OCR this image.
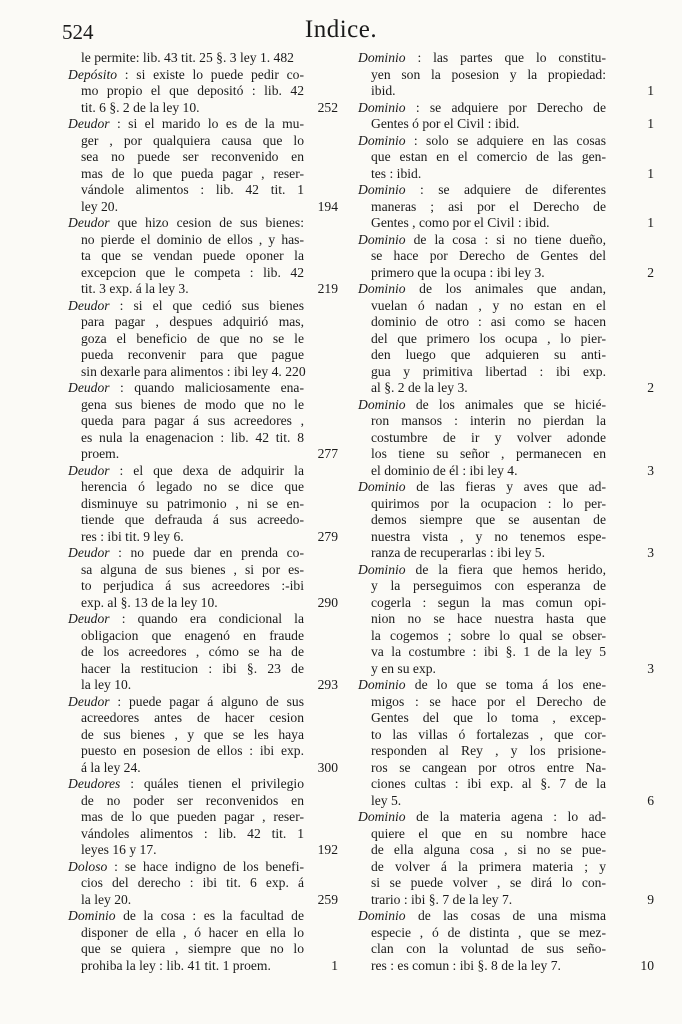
524	Indice.
le permite: lib. 43 tit. 25 §. 3 ley 1. 482
Depósito : si existe lo puede pedir co-
mo propio el que depositó : lib. 42
tit. 6 §. 2 de la ley 10.	252
Deudor : si el marido lo es de la mu-
ger , por qualquiera causa que lo
sea no puede ser reconvenido en
mas de lo que pueda pagar , reser-
vándole alimentos : lib. 42 tit. 1
ley 20.	194
Deudor que hizo cesion de sus bienes:
no pierde el dominio de ellos , y has-
ta que se vendan puede oponer la
excepcion que le competa : lib. 42
tit. 3 exp. á la ley 3.	219
Deudor : si el que cedió sus bienes
para pagar , despues adquirió mas,
goza el beneficio de que no se le
pueda reconvenir para que pague
sin dexarle para alimentos : ibi ley 4. 220
Deudor : quando maliciosamente ena-
gena sus bienes de modo que no le
queda para pagar á sus acreedores ,
es nula la enagenacion : lib. 42 tit. 8
proem.	277
Deudor : el que dexa de adquirir la
herencia ó legado no se dice que
disminuye su patrimonio , ni se en-
tiende que defrauda á sus acreedo-
res : ibi tit. 9 ley 6.	279
Deudor : no puede dar en prenda co-
sa alguna de sus bienes , si por es-
to perjudica á sus acreedores :-ibi
exp. al §. 13 de la ley 10.	290
Deudor : quando era condicional la
obligacion que enagenó en fraude
de los acreedores , cómo se ha de
hacer la restitucion : ibi §. 23 de
la ley 10.	293
Deudor : puede pagar á alguno de sus
acreedores antes de hacer cesion
de sus bienes , y que se les haya
puesto en posesion de ellos : ibi exp.
á la ley 24.	300
Deudores : quáles tienen el privilegio
de no poder ser reconvenidos en
mas de lo que pueden pagar , reser-
vándoles alimentos : lib. 42 tit. 1
leyes 16 y 17.	192
Doloso : se hace indigno de los benefi-
cios del derecho : ibi tit. 6 exp. á
la ley 20.	259
Dominio de la cosa : es la facultad de
disponer de ella , ó hacer en ella lo
que se quiera , siempre que no lo
prohiba la ley : lib. 41 tit. 1 proem.	1
Dominio : las partes que lo constitu-
yen son la posesion y la propiedad:
ibid.	1
Dominio : se adquiere por Derecho de
Gentes ó por el Civil : ibid.	1
Dominio : solo se adquiere en las cosas
que estan en el comercio de las gen-
tes : ibid.	1
Dominio : se adquiere de diferentes
maneras ; asi por el Derecho de
Gentes , como por el Civil : ibid.	1
Dominio de la cosa : si no tiene dueño,
se hace por Derecho de Gentes del
primero que la ocupa : ibi ley 3.	2
Dominio de los animales que andan,
vuelan ó nadan , y no estan en el
dominio de otro : asi como se hacen
del que primero los ocupa , lo pier-
den luego que adquieren su anti-
gua y primitiva libertad : ibi exp.
al §. 2 de la ley 3.	2
Dominio de los animales que se hicié-
ron mansos : interin no pierdan la
costumbre de ir y volver adonde
los tiene su señor , permanecen en
el dominio de él : ibi ley 4.	3
Dominio de las fieras y aves que ad-
quirimos por la ocupacion : lo per-
demos siempre que se ausentan de
nuestra vista , y no tenemos espe-
ranza de recuperarlas : ibi ley 5.	3
Dominio de la fiera que hemos herido,
y la perseguimos con esperanza de
cogerla : segun la mas comun opi-
nion no se hace nuestra hasta que
la cogemos ; sobre lo qual se obser-
va la costumbre : ibi §. 1 de la ley 5
y en su exp.	3
Dominio de lo que se toma á los ene-
migos : se hace por el Derecho de
Gentes del que lo toma , excep-
to las villas ó fortalezas , que cor-
responden al Rey , y los prisione-
ros se cangean por otros entre Na-
ciones cultas : ibi exp. al §. 7 de la
ley 5.	6
Dominio de la materia agena : lo ad-
quiere el que en su nombre hace
de ella alguna cosa , si no se pue-
de volver á la primera materia ; y
si se puede volver , se dirá lo con-
trario : ibi §. 7 de la ley 7.	9
Dominio de las cosas de una misma
especie , ó de distinta , que se mez-
clan con la voluntad de sus seño-
res : es comun : ibi §. 8 de la ley 7.	10
